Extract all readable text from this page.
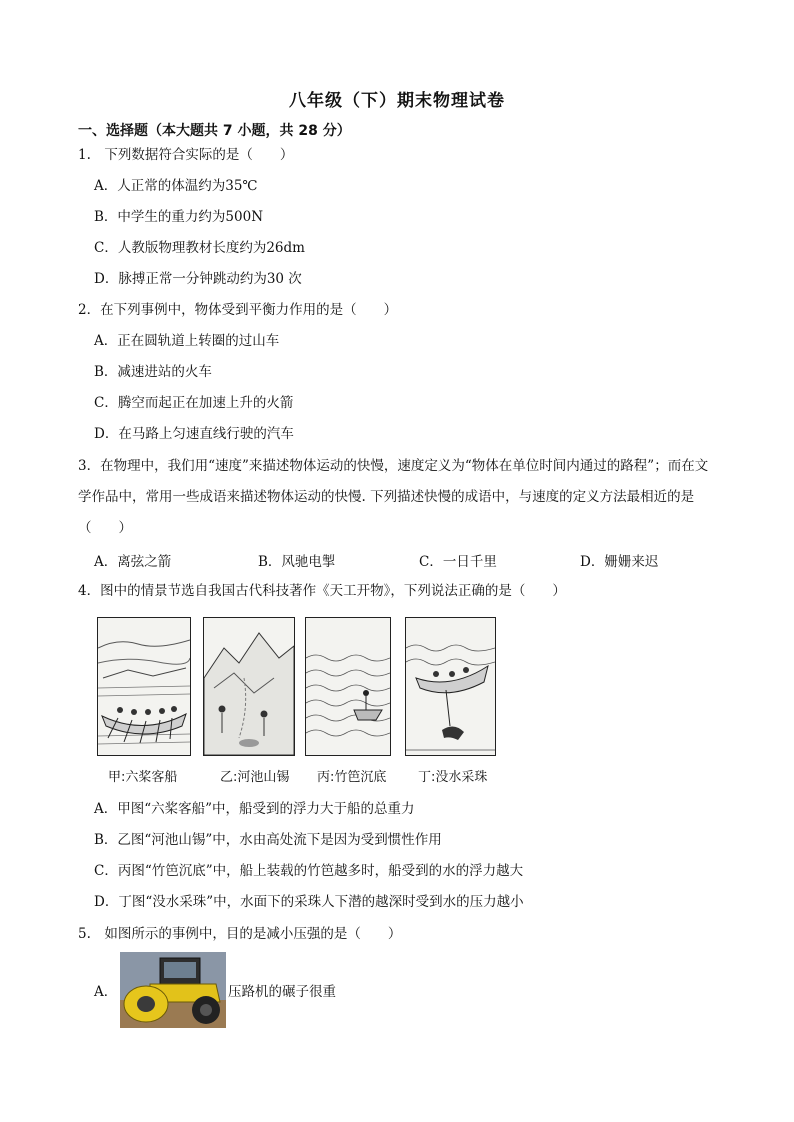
八年级（下）期末物理试卷
一、选择题（本大题共 7 小题，共 28 分）
1.　下列数据符合实际的是（　　）
A．人正常的体温约为35℃
B．中学生的重力约为500N
C．人教版物理教材长度约为26dm
D．脉搏正常一分钟跳动约为30 次
2．在下列事例中，物体受到平衡力作用的是（　　）
A．正在圆轨道上转圈的过山车
B．减速进站的火车
C．腾空而起正在加速上升的火箭
D．在马路上匀速直线行驶的汽车
3．在物理中，我们用“速度”来描述物体运动的快慢，速度定义为“物体在单位时间内通过的路程”；而在文
学作品中，常用一些成语来描述物体运动的快慢. 下列描述快慢的成语中，与速度的定义方法最相近的是
（　　）
A．离弦之箭	B．风驰电掣	C．一日千里	D．姗姗来迟
4．图中的情景节选自我国古代科技著作《天工开物》，下列说法正确的是（　　）
甲:六桨客船	乙:河池山锡 丙:竹笆沉底 丁:没水采珠
A．甲图“六桨客船”中，船受到的浮力大于船的总重力
B．乙图“河池山锡”中，水由高处流下是因为受到惯性作用
C．丙图“竹笆沉底”中，船上装载的竹笆越多时，船受到的水的浮力越大
D．丁图“没水采珠”中，水面下的采珠人下潜的越深时受到水的压力越小
5.　如图所示的事例中，目的是减小压强的是（　　）
A．	压路机的碾子很重
